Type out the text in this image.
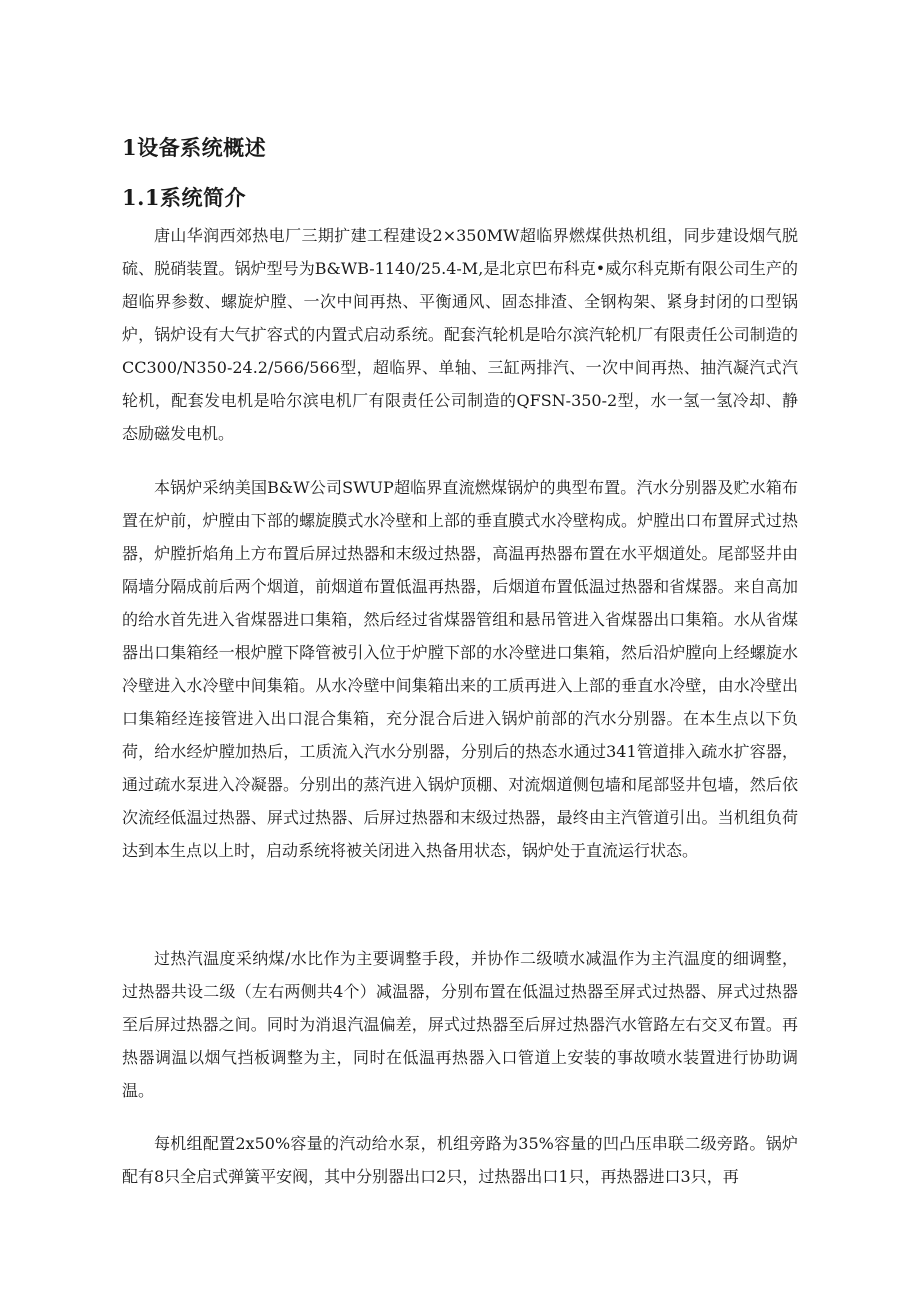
1设备系统概述
1.1系统简介

唐山华润西郊热电厂三期扩建工程建设2×350MW超临界燃煤供热机组，同步建设烟气脱硫、脱硝装置。锅炉型号为B&WB-1140/25.4-M,是北京巴布科克•威尔科克斯有限公司生产的超临界参数、螺旋炉膛、一次中间再热、平衡通风、固态排渣、全钢构架、紧身封闭的口型锅炉，锅炉设有大气扩容式的内置式启动系统。配套汽轮机是哈尔滨汽轮机厂有限责任公司制造的CC300/N350-24.2/566/566型，超临界、单轴、三缸两排汽、一次中间再热、抽汽凝汽式汽轮机，配套发电机是哈尔滨电机厂有限责任公司制造的QFSN-350-2型，水一氢一氢冷却、静态励磁发电机。

本锅炉采纳美国B&W公司SWUP超临界直流燃煤锅炉的典型布置。汽水分别器及贮水箱布置在炉前，炉膛由下部的螺旋膜式水冷壁和上部的垂直膜式水冷壁构成。炉膛出口布置屏式过热器，炉膛折焰角上方布置后屏过热器和末级过热器，高温再热器布置在水平烟道处。尾部竖井由隔墙分隔成前后两个烟道，前烟道布置低温再热器，后烟道布置低温过热器和省煤器。来自高加的给水首先进入省煤器进口集箱，然后经过省煤器管组和悬吊管进入省煤器出口集箱。水从省煤器出口集箱经一根炉膛下降管被引入位于炉膛下部的水冷壁进口集箱，然后沿炉膛向上经螺旋水冷壁进入水冷壁中间集箱。从水冷壁中间集箱出来的工质再进入上部的垂直水冷壁，由水冷壁出口集箱经连接管进入出口混合集箱，充分混合后进入锅炉前部的汽水分别器。在本生点以下负荷，给水经炉膛加热后，工质流入汽水分别器，分别后的热态水通过341管道排入疏水扩容器，通过疏水泵进入冷凝器。分别出的蒸汽进入锅炉顶棚、对流烟道侧包墙和尾部竖井包墙，然后依次流经低温过热器、屏式过热器、后屏过热器和末级过热器，最终由主汽管道引出。当机组负荷达到本生点以上时，启动系统将被关闭进入热备用状态，锅炉处于直流运行状态。

过热汽温度采纳煤/水比作为主要调整手段，并协作二级喷水减温作为主汽温度的细调整，过热器共设二级（左右两侧共4个）减温器，分别布置在低温过热器至屏式过热器、屏式过热器至后屏过热器之间。同时为消退汽温偏差，屏式过热器至后屏过热器汽水管路左右交叉布置。再热器调温以烟气挡板调整为主，同时在低温再热器入口管道上安装的事故喷水装置进行协助调温。

每机组配置2x50%容量的汽动给水泵，机组旁路为35%容量的凹凸压串联二级旁路。锅炉配有8只全启式弹簧平安阀，其中分别器出口2只，过热器出口1只，再热器进口3只，再
